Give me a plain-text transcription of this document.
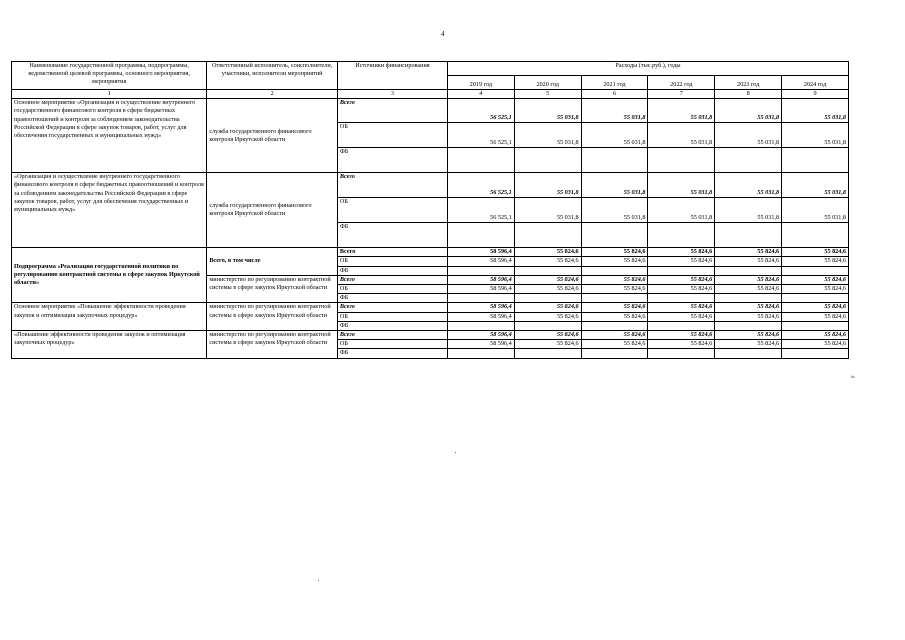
4
Наименование государственной программы, подпрограммы, ведомственной целевой программы, основного мероприятия, мероприятия	Ответственный исполнитель, соисполнители, участники, исполнители мероприятий	Источники финансирования	Расходы (тыс.руб.), годы					
			2019 год	2020 год	2021 год	2022 год	2023 год	2024 год
1	2	3	4	5	6	7	8	9
Основное мероприятие «Организация и осуществление внутреннего государственного финансового контроля в сфере бюджетных правоотношений и контроля за соблюдением законодательства Российской Федерации в сфере закупок товаров, работ, услуг для обеспечения государственных и муниципальных нужд»	служба государственного финансового контроля Иркутской области	Всего	56 525,1	55 031,8	55 031,8	55 031,8	55 031,8	55 031,8
		ОБ	56 525,1	55 031,8	55 031,8	55 031,8	55 031,8	55 031,8
		ФБ						
«Организация и осуществление внутреннего государственного финансового контроля в сфере бюджетных правоотношений и контроля за соблюдением законодательства Российской Федерации в сфере закупок товаров, работ, услуг для обеспечения государственных и муниципальных нужд»	служба государственного финансового контроля Иркутской области	Всего	56 525,1	55 031,8	55 031,8	55 031,8	55 031,8	55 031,8
		ОБ	56 525,1	55 031,8	55 031,8	55 031,8	55 031,8	55 031,8
		ФБ						
Подпрограмма «Реализация государственной политики по регулированию контрактной системы в сфере закупок Иркутской области»	Всего, в том числе	Всего	58 596,4	55 824,6	55 824,6	55 824,6	55 824,6	55 824,6
		ОБ	58 596,4	55 824,6	55 824,6	55 824,6	55 824,6	55 824,6
		ФБ						
	министерство по регулированию контрактной системы в сфере закупок Иркутской области	Всего	58 596,4	55 824,6	55 824,6	55 824,6	55 824,6	55 824,6
		ОБ	58 596,4	55 824,6	55 824,6	55 824,6	55 824,6	55 824,6
		ФБ						
Основное мероприятие «Повышение эффективности проведения закупок и оптимизация закупочных процедур»	министерство по регулированию контрактной системы в сфере закупок Иркутской области	Всего	58 596,4	55 824,6	55 824,6	55 824,6	55 824,6	55 824,6
		ОБ	58 596,4	55 824,6	55 824,6	55 824,6	55 824,6	55 824,6
		ФБ						
«Повышение эффективности проведения закупок и оптимизация закупочных процедур»	министерство по регулированию контрактной системы в сфере закупок Иркутской области	Всего	58 596,4	55 824,6	55 824,6	55 824,6	55 824,6	55 824,6
		ОБ	58 596,4	55 824,6	55 824,6	55 824,6	55 824,6	55 824,6
		ФБ						
».
